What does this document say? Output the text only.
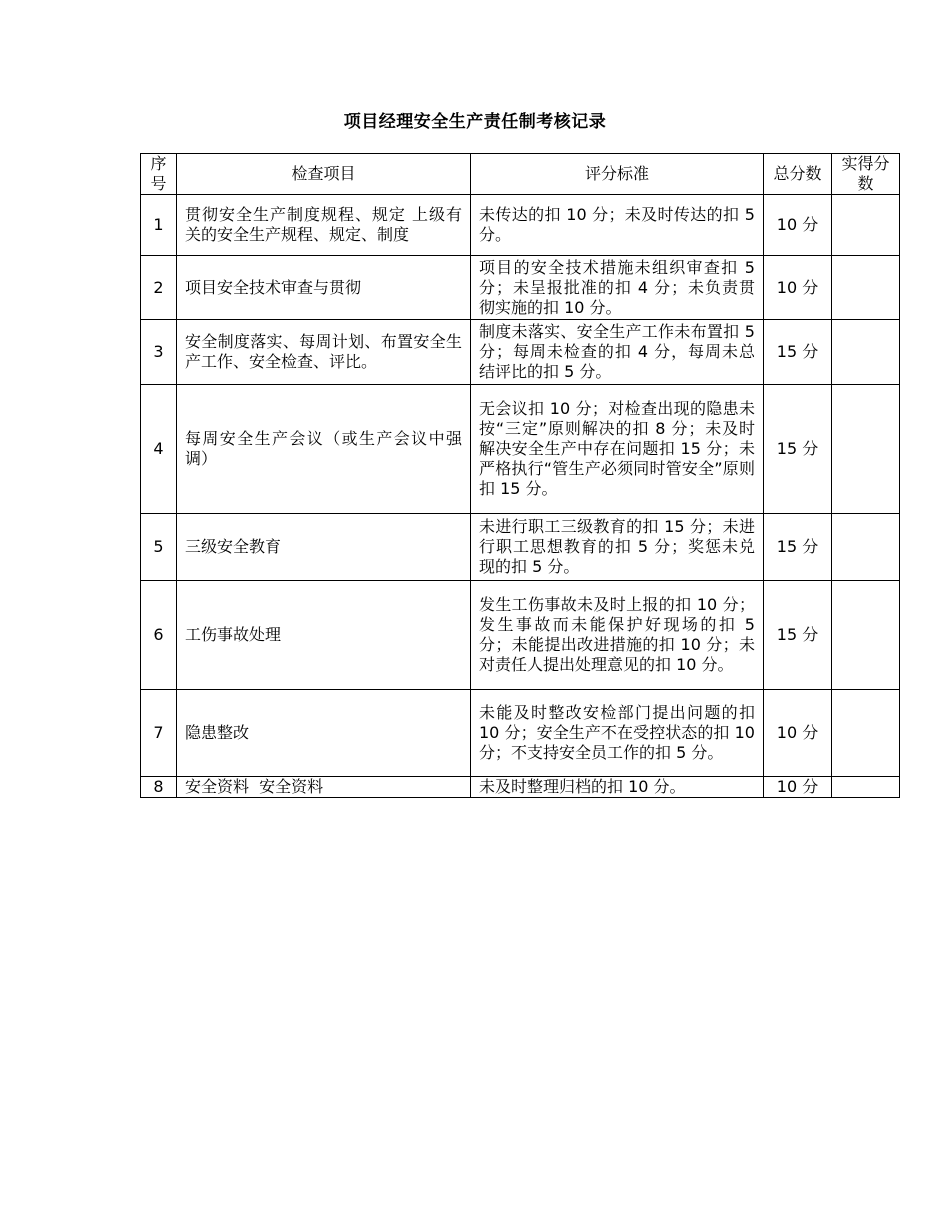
项目经理安全生产责任制考核记录
序号	检查项目	评分标准	总分数	实得分数
1	贯彻安全生产制度规程、规定 上级有关的安全生产规程、规定、制度	未传达的扣 10 分；未及时传达的扣 5 分。	10 分	
2	项目安全技术审查与贯彻	项目的安全技术措施未组织审查扣 5 分；未呈报批准的扣 4 分；未负责贯彻实施的扣 10 分。	10 分	
3	安全制度落实、每周计划、布置安全生产工作、安全检查、评比。	制度未落实、安全生产工作未布置扣 5 分；每周未检查的扣 4 分，每周未总结评比的扣 5 分。	15 分	
4	每周安全生产会议（或生产会议中强调）	无会议扣 10 分；对检查出现的隐患未按“三定”原则解决的扣 8 分；未及时解决安全生产中存在问题扣 15 分；未严格执行“管生产必须同时管安全”原则扣 15 分。	15 分	
5	三级安全教育	未进行职工三级教育的扣 15 分；未进行职工思想教育的扣 5 分；奖惩未兑现的扣 5 分。	15 分	
6	工伤事故处理	发生工伤事故未及时上报的扣 10 分；发生事故而未能保护好现场的扣 5 分；未能提出改进措施的扣 10 分；未对责任人提出处理意见的扣 10 分。	15 分	
7	隐患整改	未能及时整改安检部门提出问题的扣 10 分；安全生产不在受控状态的扣 10 分；不支持安全员工作的扣 5 分。	10 分	
8	安全资料  安全资料	未及时整理归档的扣 10 分。	10 分	
